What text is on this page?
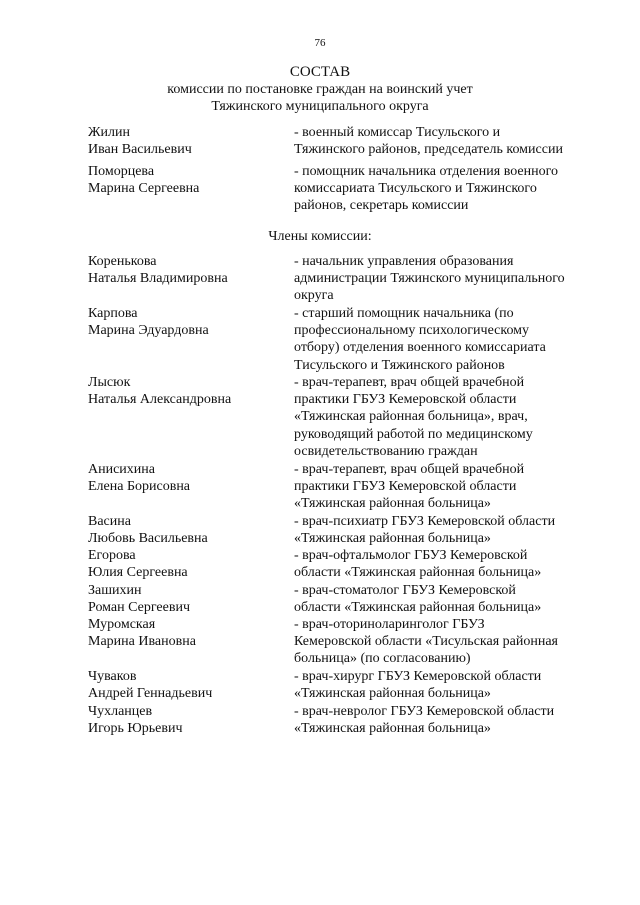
76
СОСТАВ
комиссии по постановке граждан на воинский учет
Тяжинского муниципального округа
Жилин
Иван Васильевич
- военный комиссар Тисульского и
Тяжинского районов, председатель комиссии
Поморцева
Марина Сергеевна
- помощник начальника отделения военного
комиссариата Тисульского и Тяжинского
районов, секретарь комиссии
Члены комиссии:
Коренькова
Наталья Владимировна
- начальник управления образования
администрации Тяжинского муниципального
округа
Карпова
Марина Эдуардовна
- старший помощник начальника (по
профессиональному психологическому
отбору) отделения военного комиссариата
Тисульского и Тяжинского районов
Лысюк
Наталья Александровна
- врач-терапевт, врач общей врачебной
практики ГБУЗ Кемеровской области
«Тяжинская районная больница», врач,
руководящий работой по медицинскому
освидетельствованию граждан
Анисихина
Елена Борисовна
- врач-терапевт, врач общей врачебной
практики ГБУЗ Кемеровской области
«Тяжинская районная больница»
Васина
Любовь Васильевна
- врач-психиатр ГБУЗ Кемеровской области
«Тяжинская районная больница»
Егорова
Юлия Сергеевна
- врач-офтальмолог ГБУЗ Кемеровской
области «Тяжинская районная больница»
Зашихин
Роман Сергеевич
- врач-стоматолог ГБУЗ Кемеровской
области «Тяжинская районная больница»
Муромская
Марина Ивановна
- врач-оториноларинголог ГБУЗ
Кемеровской области «Тисульская районная
больница» (по согласованию)
Чуваков
Андрей Геннадьевич
- врач-хирург ГБУЗ Кемеровской области
«Тяжинская районная больница»
Чухланцев
Игорь Юрьевич
- врач-невролог ГБУЗ Кемеровской области
«Тяжинская районная больница»
